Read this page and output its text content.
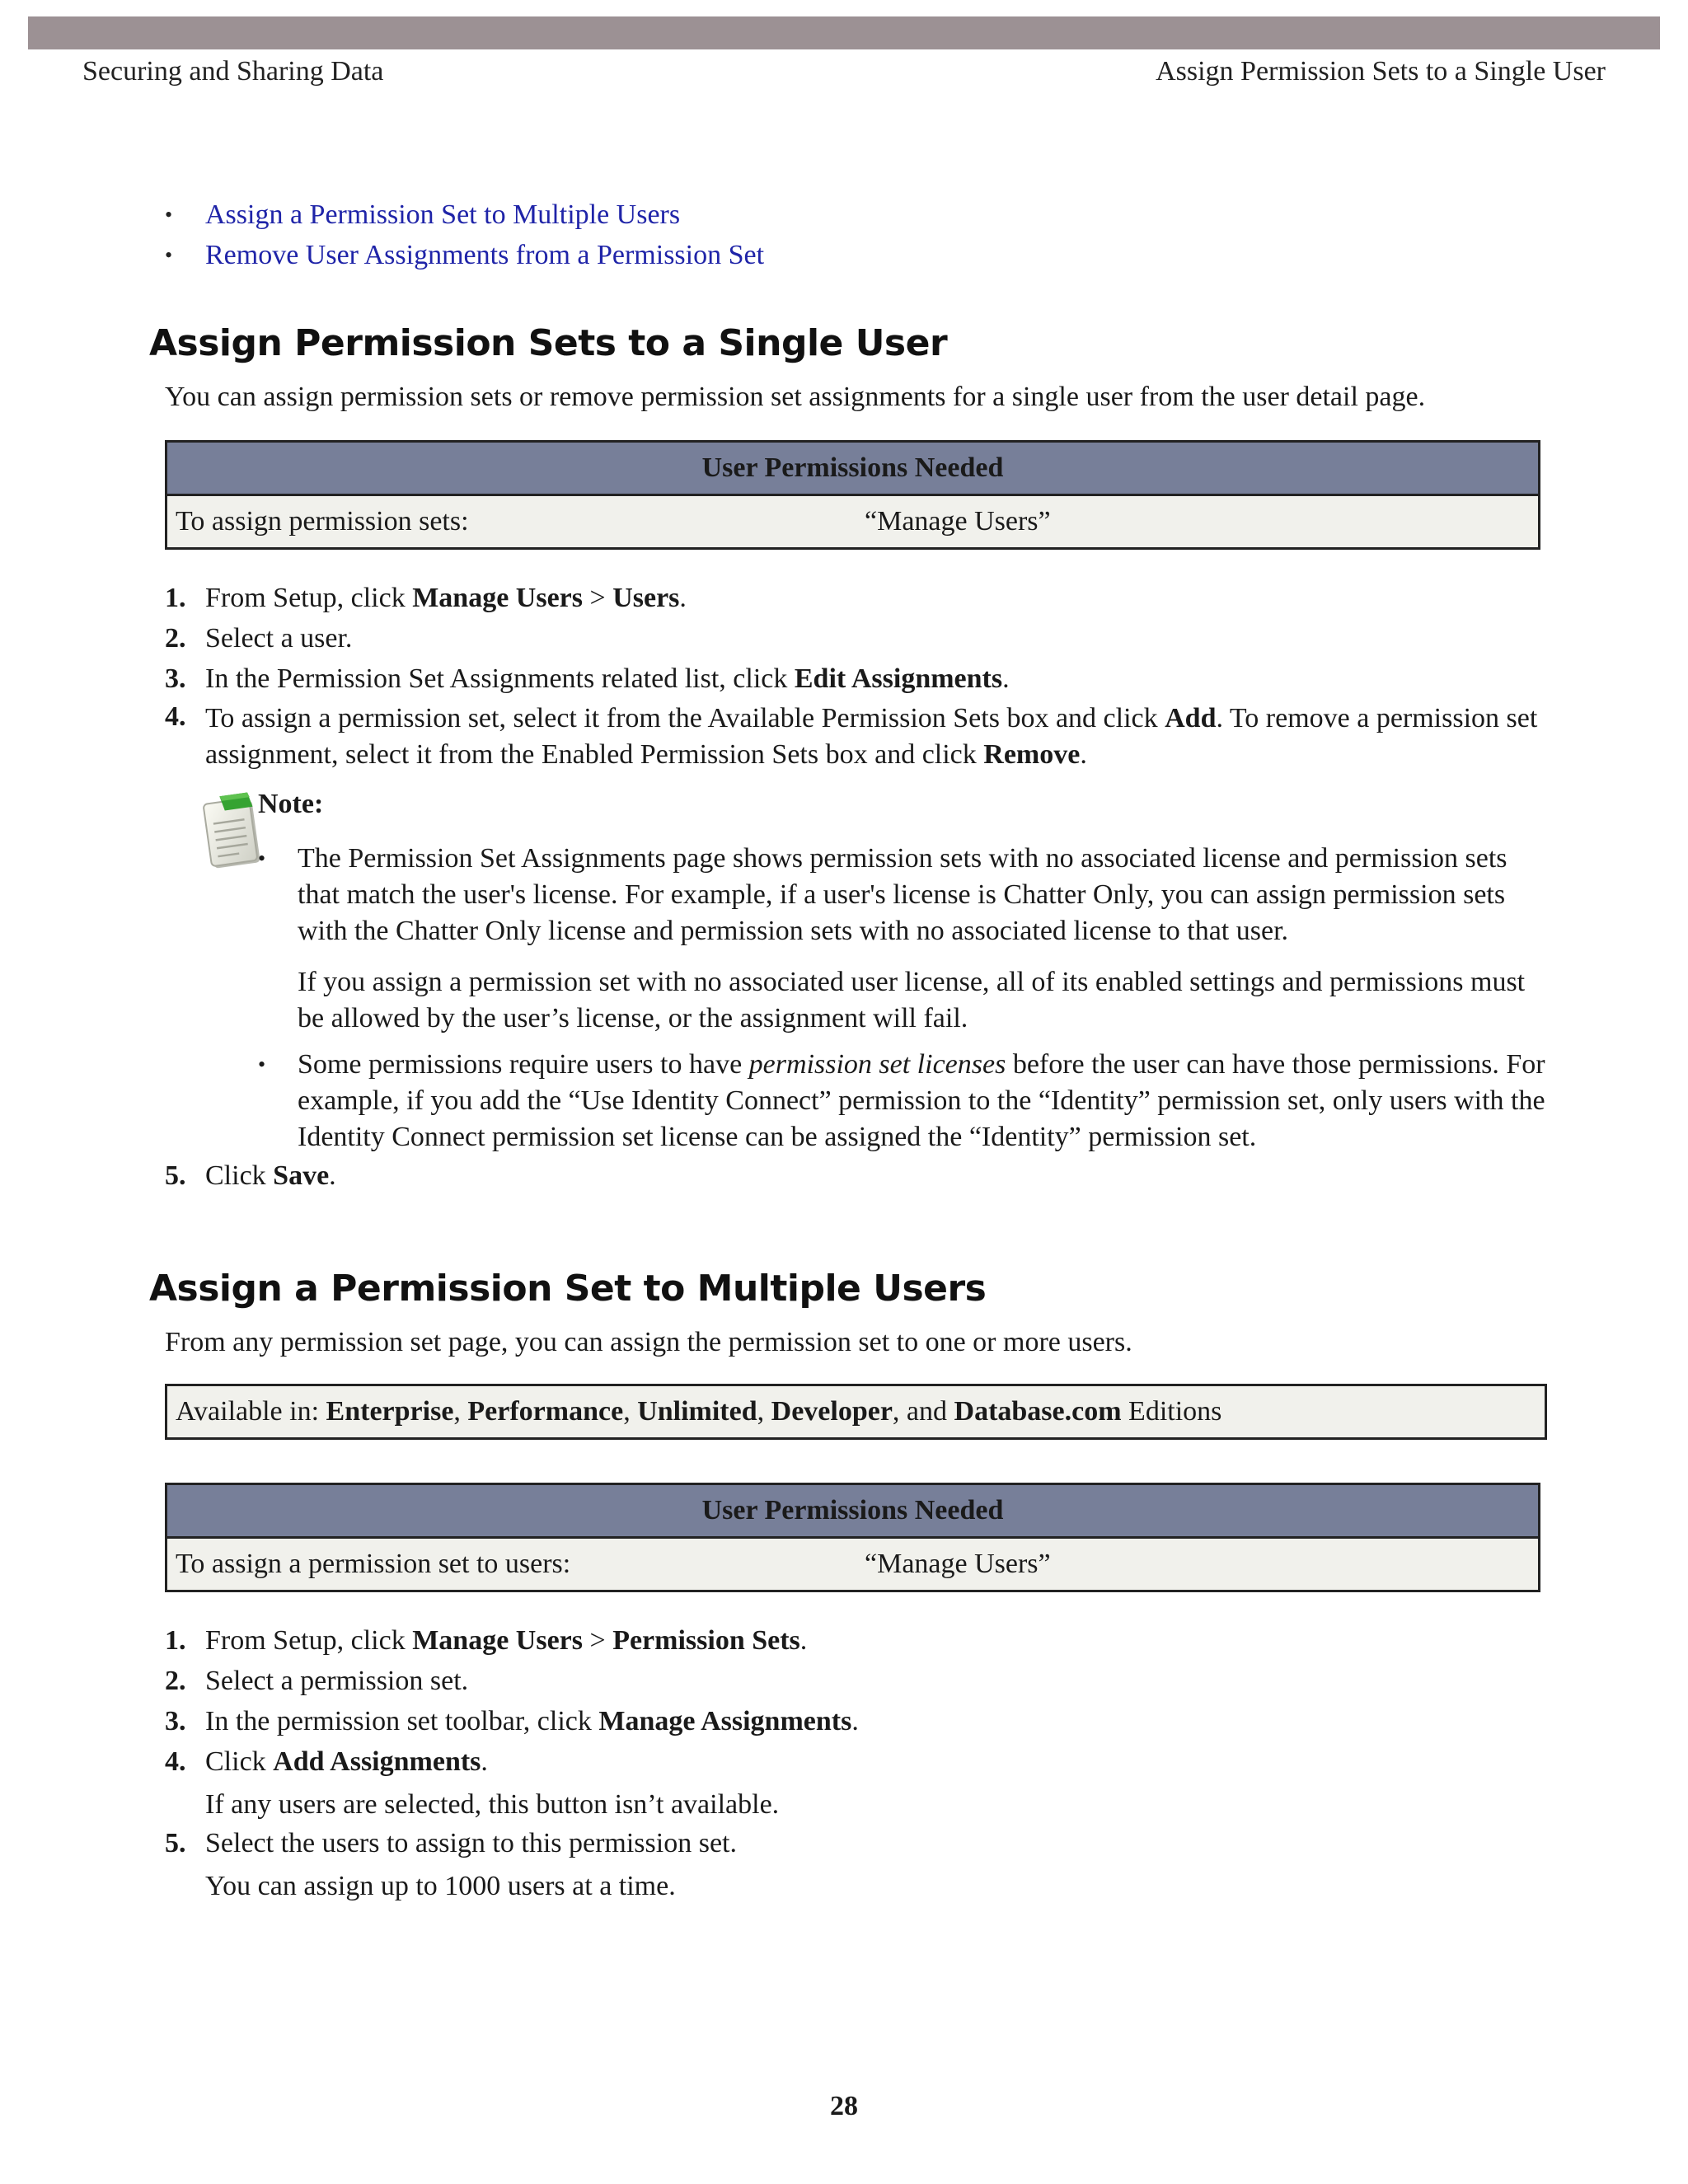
Securing and Sharing Data	Assign Permission Sets to a Single User
• Assign a Permission Set to Multiple Users
• Remove User Assignments from a Permission Set
Assign Permission Sets to a Single User

You can assign permission sets or remove permission set assignments for a single user from the user detail page.

User Permissions Needed
To assign permission sets:	“Manage Users”
1. From Setup, click Manage Users > Users.
2. Select a user.
3. In the Permission Set Assignments related list, click Edit Assignments.
4. To assign a permission set, select it from the Available Permission Sets box and click Add. To remove a permission set assignment, select it from the Enabled Permission Sets box and click Remove.

Note:

• The Permission Set Assignments page shows permission sets with no associated license and permission sets that match the user's license. For example, if a user's license is Chatter Only, you can assign permission sets with the Chatter Only license and permission sets with no associated license to that user.
If you assign a permission set with no associated user license, all of its enabled settings and permissions must be allowed by the user’s license, or the assignment will fail.
• Some permissions require users to have permission set licenses before the user can have those permissions. For example, if you add the “Use Identity Connect” permission to the “Identity” permission set, only users with the Identity Connect permission set license can be assigned the “Identity” permission set.
5. Click Save.
Assign a Permission Set to Multiple Users

From any permission set page, you can assign the permission set to one or more users.

Available in: Enterprise, Performance, Unlimited, Developer, and Database.com Editions
User Permissions Needed
To assign a permission set to users:	“Manage Users”
1. From Setup, click Manage Users > Permission Sets.
2. Select a permission set.
3. In the permission set toolbar, click Manage Assignments.
4. Click Add Assignments.
If any users are selected, this button isn’t available.
5. Select the users to assign to this permission set.
You can assign up to 1000 users at a time.
28
